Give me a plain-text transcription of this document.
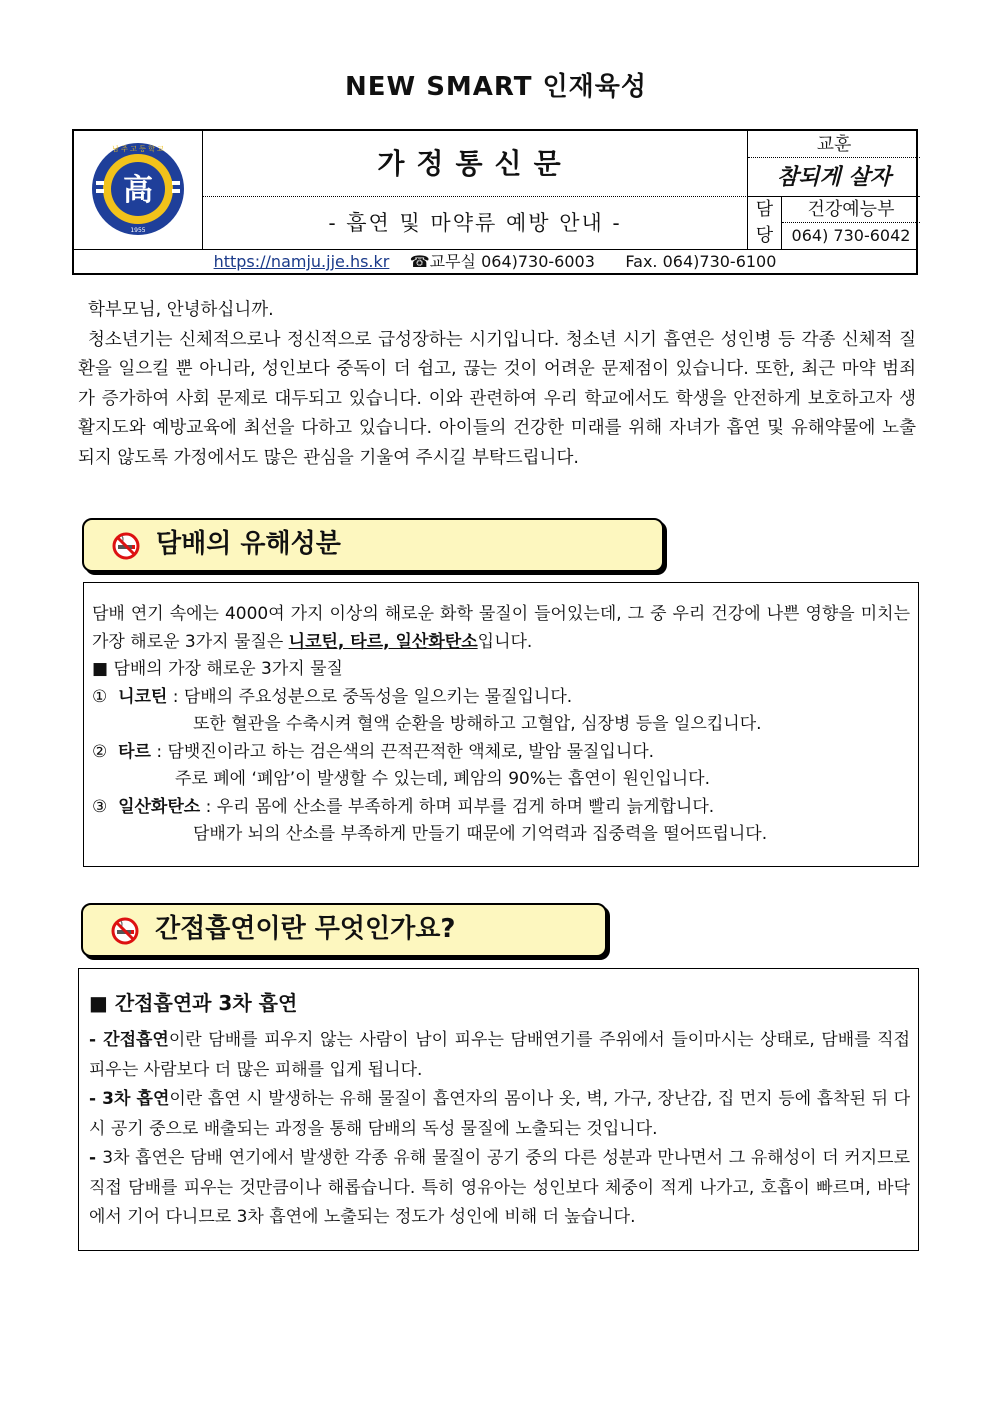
NEW SMART 인재육성
高
남 주 고 등 학 교
1955
가정통신문
- 흡연 및 마약류 예방 안내 -
교훈
참되게 살자
담
당
건강예능부
064) 730-6042
https://namju.jje.hs.kr ☎교무실 064)730-6003 Fax. 064)730-6100

학부모님, 안녕하십니까.

청소년기는 신체적으로나 정신적으로 급성장하는 시기입니다. 청소년 시기 흡연은 성인병 등 각종 신체적 질환을 일으킬 뿐 아니라, 성인보다 중독이 더 쉽고, 끊는 것이 어려운 문제점이 있습니다. 또한, 최근 마약 범죄가 증가하여 사회 문제로 대두되고 있습니다. 이와 관련하여 우리 학교에서도 학생을 안전하게 보호하고자 생활지도와 예방교육에 최선을 다하고 있습니다. 아이들의 건강한 미래를 위해 자녀가 흡연 및 유해약물에 노출되지 않도록 가정에서도 많은 관심을 기울여 주시길 부탁드립니다.

담배의 유해성분

담배 연기 속에는 4000여 가지 이상의 해로운 화학 물질이 들어있는데, 그 중 우리 건강에 나쁜 영향을 미치는 가장 해로운 3가지 물질은 니코틴, 타르, 일산화탄소입니다.

■ 담배의 가장 해로운 3가지 물질

① 니코틴 : 담배의 주요성분으로 중독성을 일으키는 물질입니다.

또한 혈관을 수축시켜 혈액 순환을 방해하고 고혈압, 심장병 등을 일으킵니다.

② 타르 : 담뱃진이라고 하는 검은색의 끈적끈적한 액체로, 발암 물질입니다.

주로 폐에 ‘폐암’이 발생할 수 있는데, 폐암의 90%는 흡연이 원인입니다.

③ 일산화탄소 : 우리 몸에 산소를 부족하게 하며 피부를 검게 하며 빨리 늙게합니다.

담배가 뇌의 산소를 부족하게 만들기 때문에 기억력과 집중력을 떨어뜨립니다.

간접흡연이란 무엇인가요?

■ 간접흡연과 3차 흡연

- 간접흡연이란 담배를 피우지 않는 사람이 남이 피우는 담배연기를 주위에서 들이마시는 상태로, 담배를 직접 피우는 사람보다 더 많은 피해를 입게 됩니다.

- 3차 흡연이란 흡연 시 발생하는 유해 물질이 흡연자의 몸이나 옷, 벽, 가구, 장난감, 집 먼지 등에 흡착된 뒤 다시 공기 중으로 배출되는 과정을 통해 담배의 독성 물질에 노출되는 것입니다.

- 3차 흡연은 담배 연기에서 발생한 각종 유해 물질이 공기 중의 다른 성분과 만나면서 그 유해성이 더 커지므로 직접 담배를 피우는 것만큼이나 해롭습니다. 특히 영유아는 성인보다 체중이 적게 나가고, 호흡이 빠르며, 바닥에서 기어 다니므로 3차 흡연에 노출되는 정도가 성인에 비해 더 높습니다.
